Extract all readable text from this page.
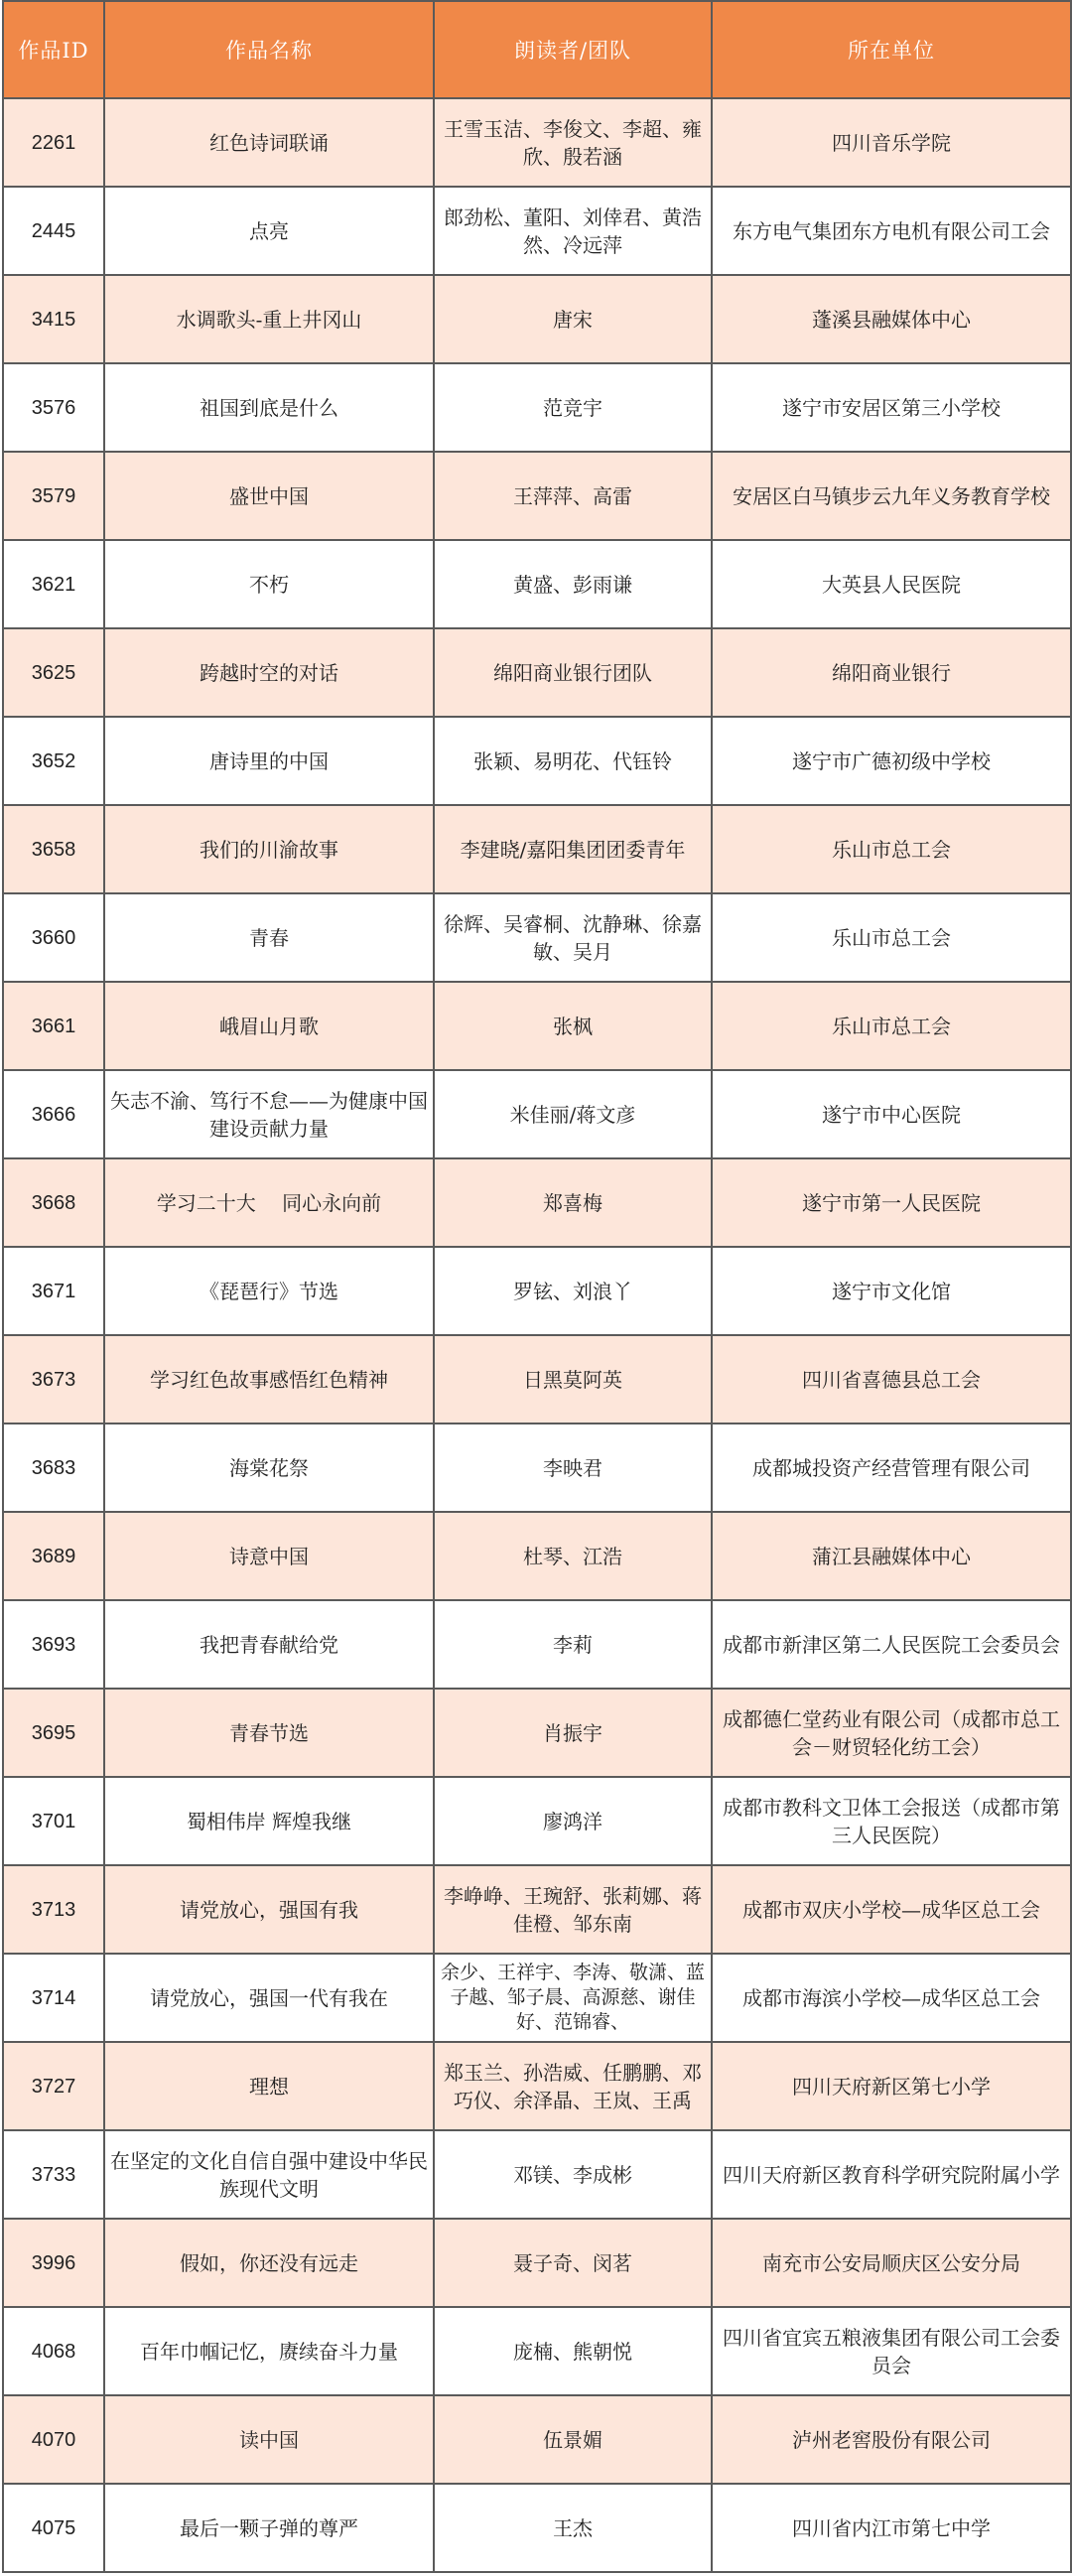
作品ID	作品名称	朗读者/团队	所在单位
2261	红色诗词联诵	王雪玉洁、李俊文、李超、雍欣、殷若涵	四川音乐学院
2445	点亮	郎劲松、董阳、刘倖君、黄浩然、冷远萍	东方电气集团东方电机有限公司工会
3415	水调歌头-重上井冈山	唐宋	蓬溪县融媒体中心
3576	祖国到底是什么	范竞宇	遂宁市安居区第三小学校
3579	盛世中国	王萍萍、高雷	安居区白马镇步云九年义务教育学校
3621	不朽	黄盛、彭雨谦	大英县人民医院
3625	跨越时空的对话	绵阳商业银行团队	绵阳商业银行
3652	唐诗里的中国	张颖、易明花、代钰铃	遂宁市广德初级中学校
3658	我们的川渝故事	李建晓/嘉阳集团团委青年	乐山市总工会
3660	青春	徐辉、吴睿桐、沈静琳、徐嘉敏、吴月	乐山市总工会
3661	峨眉山月歌	张枫	乐山市总工会
3666	矢志不渝、笃行不怠——为健康中国建设贡献力量	米佳丽/蒋文彦	遂宁市中心医院
3668	学习二十大　 同心永向前	郑喜梅	遂宁市第一人民医院
3671	《琵琶行》节选	罗铉、刘浪丫	遂宁市文化馆
3673	学习红色故事感悟红色精神	日黑莫阿英	四川省喜德县总工会
3683	海棠花祭	李映君	成都城投资产经营管理有限公司
3689	诗意中国	杜琴、江浩	蒲江县融媒体中心
3693	我把青春献给党	李莉	成都市新津区第二人民医院工会委员会
3695	青春节选	肖振宇	成都德仁堂药业有限公司（成都市总工会－财贸轻化纺工会）
3701	蜀相伟岸 辉煌我继	廖鸿洋	成都市教科文卫体工会报送（成都市第三人民医院）
3713	请党放心，强国有我	李峥峥、王琬舒、张莉娜、蒋佳橙、邹东南	成都市双庆小学校—成华区总工会
3714	请党放心，强国一代有我在	余少、王祥宇、李涛、敬潇、蓝子越、邹子晨、高源慈、谢佳好、范锦睿、	成都市海滨小学校—成华区总工会
3727	理想	郑玉兰、孙浩威、任鹏鹏、邓巧仪、余泽晶、王岚、王禹	四川天府新区第七小学
3733	在坚定的文化自信自强中建设中华民族现代文明	邓镁、李成彬	四川天府新区教育科学研究院附属小学
3996	假如，你还没有远走	聂子奇、闵茗	南充市公安局顺庆区公安分局
4068	百年巾帼记忆，赓续奋斗力量	庞楠、熊朝悦	四川省宜宾五粮液集团有限公司工会委员会
4070	读中国	伍景媚	泸州老窖股份有限公司
4075	最后一颗子弹的尊严	王杰	四川省内江市第七中学
